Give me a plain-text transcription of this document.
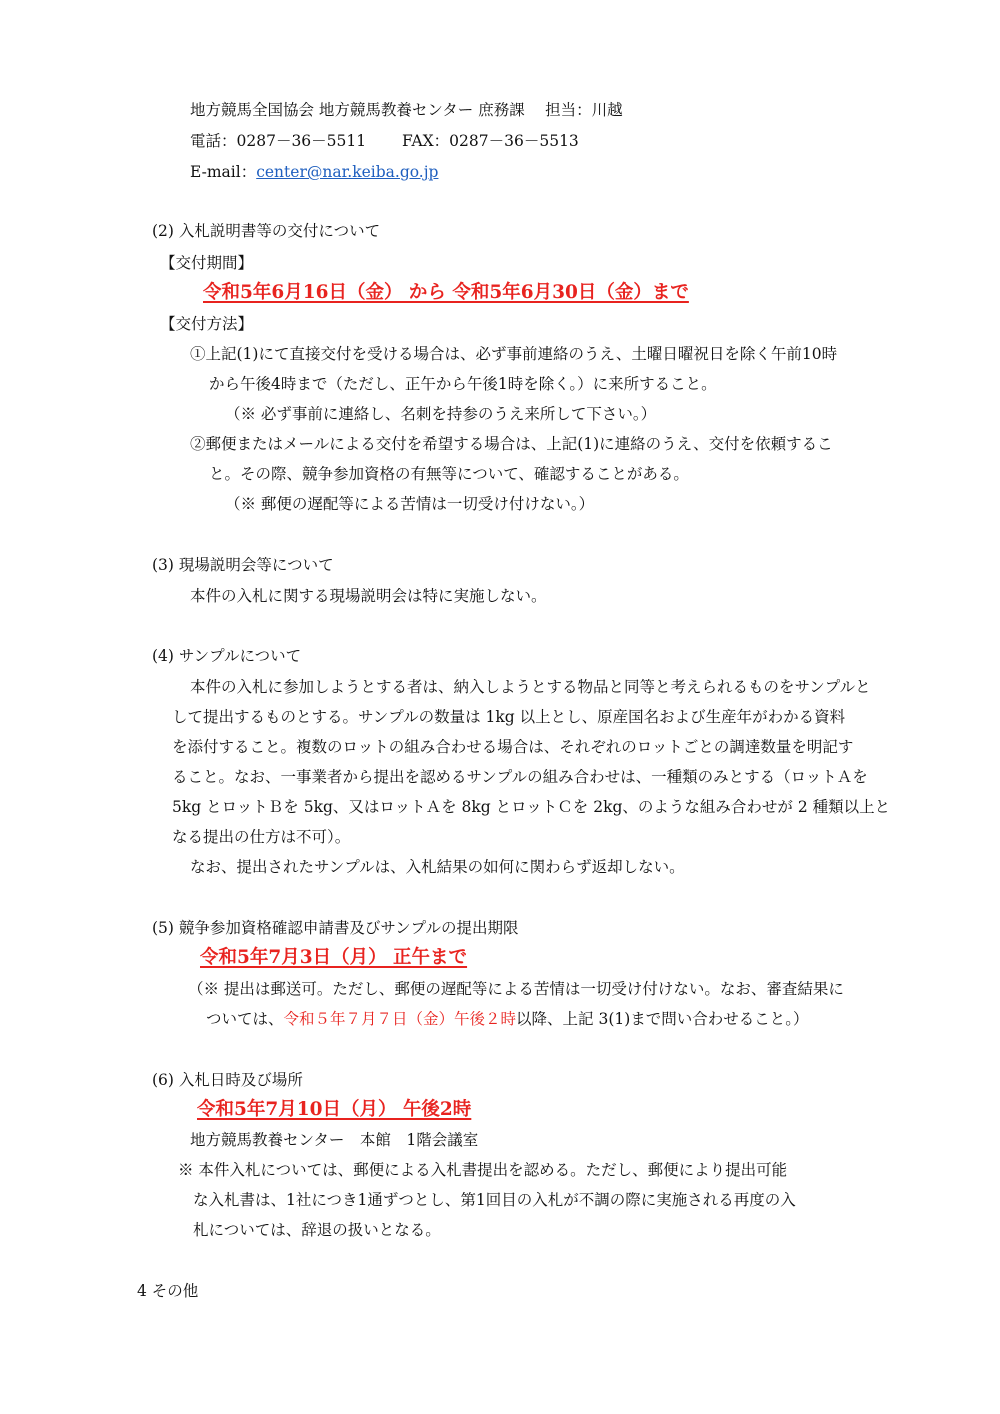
地方競馬全国協会 地方競馬教養センター 庶務課　 担当：川越
電話：0287－36－5511　　 FAX：0287－36－5513
E-mail：center@nar.keiba.go.jp
(2) 入札説明書等の交付について
【交付期間】
令和5年6月16日（金） から 令和5年6月30日（金）まで
【交付方法】
①上記(1)にて直接交付を受ける場合は、必ず事前連絡のうえ、土曜日曜祝日を除く午前10時
から午後4時まで（ただし、正午から午後1時を除く。）に来所すること。
（※ 必ず事前に連絡し、名刺を持参のうえ来所して下さい。）
②郵便またはメールによる交付を希望する場合は、上記(1)に連絡のうえ、交付を依頼するこ
と。その際、競争参加資格の有無等について、確認することがある。
（※ 郵便の遅配等による苦情は一切受け付けない。）
(3) 現場説明会等について
本件の入札に関する現場説明会は特に実施しない。
(4) サンプルについて
本件の入札に参加しようとする者は、納入しようとする物品と同等と考えられるものをサンプルと
して提出するものとする。サンプルの数量は 1kg 以上とし、原産国名および生産年がわかる資料
を添付すること。複数のロットの組み合わせる場合は、それぞれのロットごとの調達数量を明記す
ること。なお、一事業者から提出を認めるサンプルの組み合わせは、一種類のみとする（ロットＡを
5kg とロットＢを 5kg、又はロットＡを 8kg とロットＣを 2kg、のような組み合わせが 2 種類以上と
なる提出の仕方は不可）。
なお、提出されたサンプルは、入札結果の如何に関わらず返却しない。
(5) 競争参加資格確認申請書及びサンプルの提出期限
令和5年7月3日（月） 正午まで
（※ 提出は郵送可。ただし、郵便の遅配等による苦情は一切受け付けない。なお、審査結果に
ついては、令和５年７月７日（金）午後２時以降、上記 3(1)まで問い合わせること。）
(6) 入札日時及び場所
令和5年7月10日（月） 午後2時
地方競馬教養センター　本館　1階会議室
※ 本件入札については、郵便による入札書提出を認める。ただし、郵便により提出可能
な入札書は、1社につき1通ずつとし、第1回目の入札が不調の際に実施される再度の入
札については、辞退の扱いとなる。
4 その他
